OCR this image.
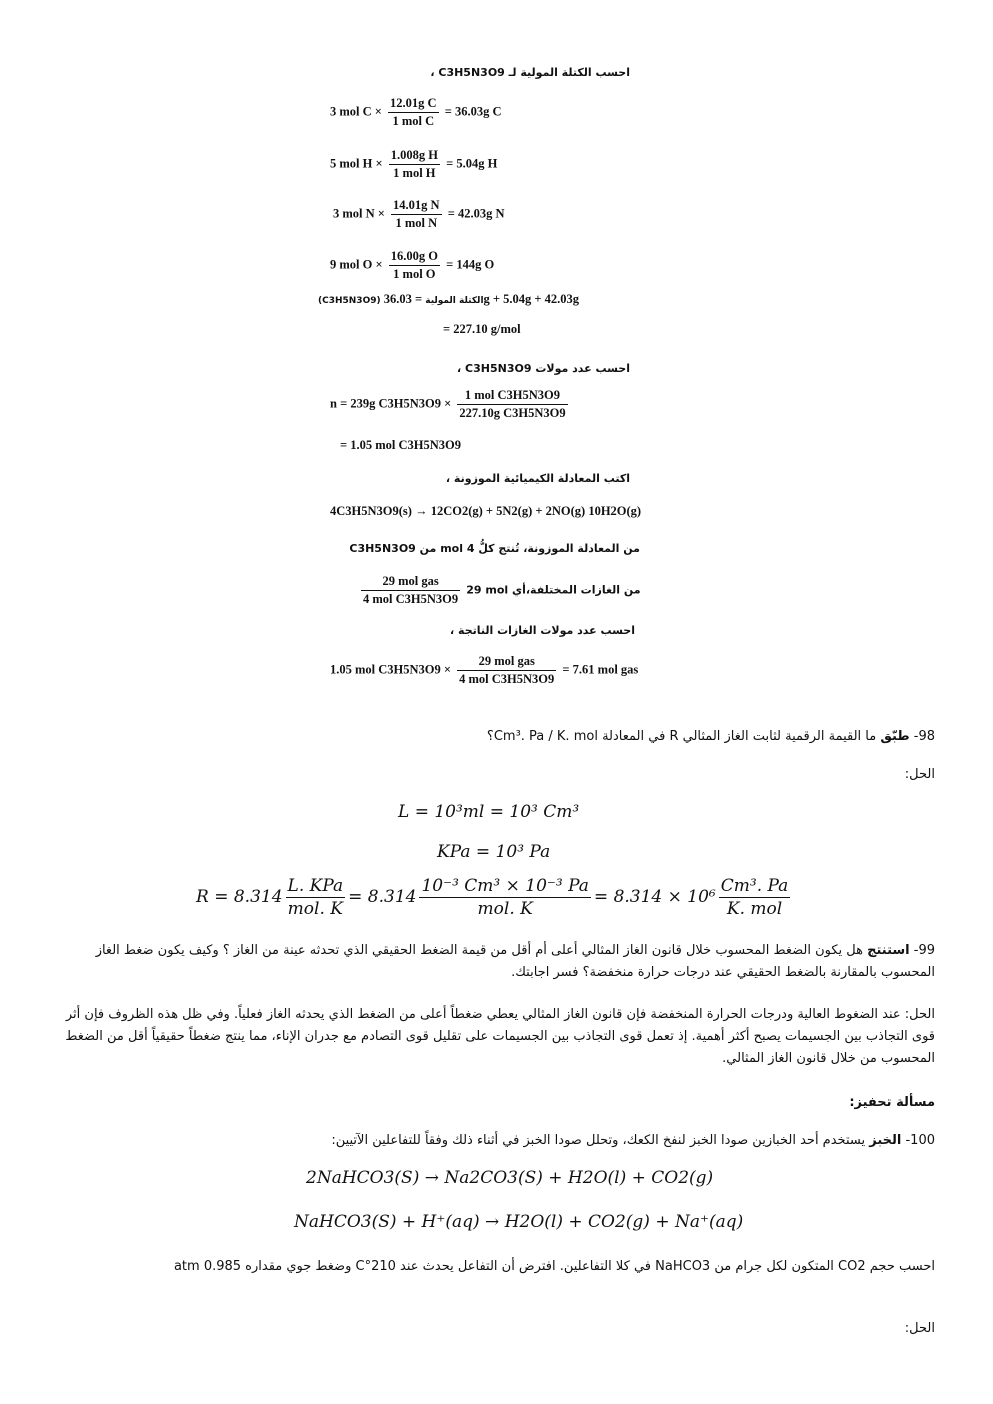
احسب الكتلة المولية لـ C3H5N3O9 ،
3 mol $C \times \frac{\text{12.01g C}}{\text{1 mol C}} = 36.03g$ C
5 mol $H \times \frac{\text{1.008g H}}{\text{1 mol H}} = 5.04g$ H
3 mol $N \times \frac{\text{14.01g N}}{\text{1 mol N}} = 42.03g$ N
9 mol $O \times \frac{\text{16.00g O}}{\text{1 mol O}} = 144g$ O
(C3H5N3O9) الكتلة المولية = 36.03g + 5.04g + 42.03g
= 227.10 g/mol
احسب عدد مولات C3H5N3O9 ،
n = 239g $C3H5N3O9 \times \frac{\text{1 mol C3H5N3O9}}{\text{227.10g C3H5N3O9}}$
= 1.05 mol C3H5N3O9
اكتب المعادلة الكيميائية الموزونة ،
4C3H5N3O9(s) → 12CO2(g) + 5N2(g) + 2NO(g) 10H2O(g)
من المعادلة الموزونة، تُنتج كلُّ 4 mol من C3H5N3O9
$\frac{\text{29 mol gas}}{\text{4 mol C3H5N3O9}} 29$ mol من الغازات المختلفة،أي
احسب عدد مولات الغازات الناتجة ،
1.05 mol $C3H5N3O9 \times \frac{\text{29 mol gas}}{\text{4 mol C3H5N3O9}} = 7.61$ mol gas
98- طبّق ما القيمة الرقمية لثابت الغاز المثالي R في المعادلة Cm³. Pa / K. mol؟
الحل:
L = 10³ml = 10³ Cm³
KPa = 10³ Pa
$R = 8.314 \frac{\text{L. KPa}}{\text{mol. K}} = 8.314 \frac{\text{10⁻³ Cm³ × 10⁻³ Pa}}{\text{mol. K}} = 8.314 \times 10^6 \frac{\text{Cm³. Pa}}{\text{K. mol}}$
99- استنتج هل يكون الضغط المحسوب خلال قانون الغاز المثالي أعلى أم أقل من قيمة الضغط الحقيقي الذي تحدثه عينة من الغاز ؟ وكيف يكون ضغط الغاز المحسوب بالمقارنة بالضغط الحقيقي عند درجات حرارة منخفضة؟ فسر اجابتك.
الحل: عند الضغوط العالية ودرجات الحرارة المنخفضة فإن قانون الغاز المثالي يعطي ضغطاً أعلى من الضغط الذي يحدثه الغاز فعلياً. وفي ظل هذه الظروف فإن أثر قوى التجاذب بين الجسيمات يصبح أكثر أهمية. إذ تعمل قوى التجاذب بين الجسيمات على تقليل قوى التصادم مع جدران الإناء، مما ينتج ضغطاً حقيقياً أقل من الضغط المحسوب من خلال قانون الغاز المثالي.
مسألة تحفيز:
100- الخبز يستخدم أحد الخبازين صودا الخبز لنفخ الكعك، وتحلل صودا الخبز في أثناء ذلك وفقاً للتفاعلين الآتيين:
2NaHCO3(S) → Na2CO3(S) + H2O(l) + CO2(g)
NaHCO3(S) + H⁺(aq) → H2O(l) + CO2(g) + Na⁺(aq)
احسب حجم CO2 المتكون لكل جرام من NaHCO3 في كلا التفاعلين. افترض أن التفاعل يحدث عند 210°C وضغط جوي مقداره 0.985 atm
الحل:
